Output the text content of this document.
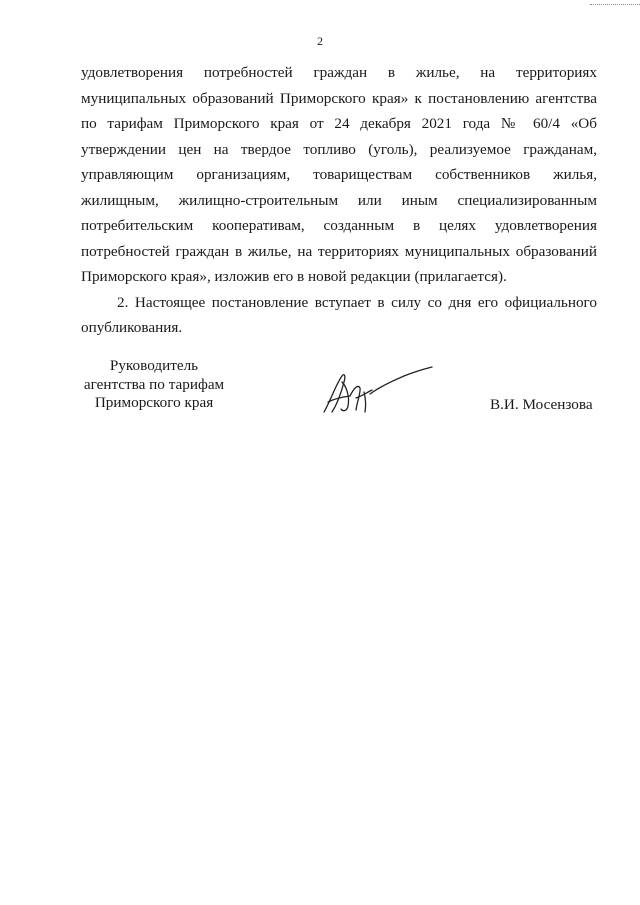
2

удовлетворения потребностей граждан в жилье, на территориях муниципальных образований Приморского края» к постановлению агентства по тарифам Приморского края от 24 декабря 2021 года № 60/4 «Об утверждении цен на твердое топливо (уголь), реализуемое гражданам, управляющим организациям, товариществам собственников жилья, жилищным, жилищно-строительным или иным специализированным потребительским кооперативам, созданным в целях удовлетворения потребностей граждан в жилье, на территориях муниципальных образований Приморского края», изложив его в новой редакции (прилагается).

2. Настоящее постановление вступает в силу со дня его официального опубликования.

Руководитель
агентства по тарифам
Приморского края	В.И. Мосензова
